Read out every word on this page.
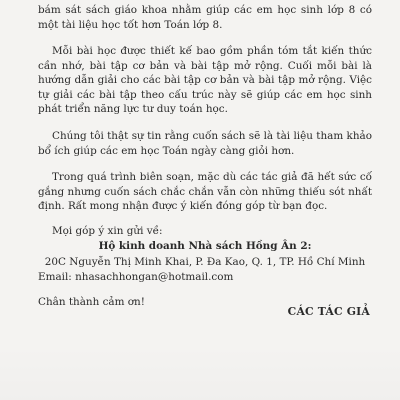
bám sát sách giáo khoa nhằm giúp các em học sinh lớp 8 có một tài liệu học tốt hơn Toán lớp 8.

Mỗi bài học được thiết kế bao gồm phần tóm tắt kiến thức cần nhớ, bài tập cơ bản và bài tập mở rộng. Cuối mỗi bài là hướng dẫn giải cho các bài tập cơ bản và bài tập mở rộng. Việc tự giải các bài tập theo cấu trúc này sẽ giúp các em học sinh phát triển năng lực tư duy toán học.

Chúng tôi thật sự tin rằng cuốn sách sẽ là tài liệu tham khảo bổ ích giúp các em học Toán ngày càng giỏi hơn.

Trong quá trình biên soạn, mặc dù các tác giả đã hết sức cố gắng nhưng cuốn sách chắc chắn vẫn còn những thiếu sót nhất định. Rất mong nhận được ý kiến đóng góp từ bạn đọc.

Mọi góp ý xin gửi về:

Hộ kinh doanh Nhà sách Hồng Ân 2:

20C Nguyễn Thị Minh Khai, P. Đa Kao, Q. 1, TP. Hồ Chí Minh

Email: nhasachhongan@hotmail.com

Chân thành cảm ơn!

CÁC TÁC GIẢ
